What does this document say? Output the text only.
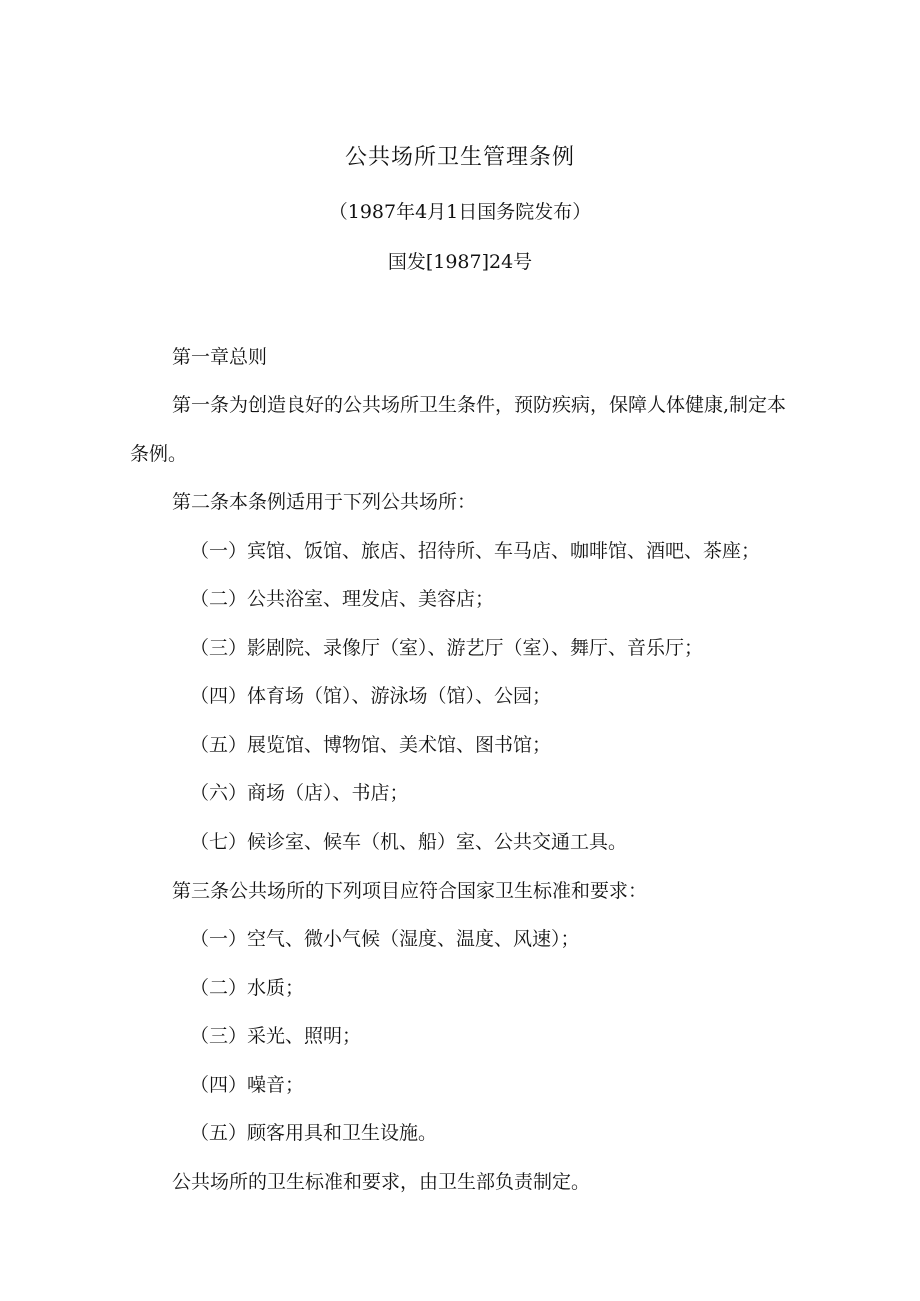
公共场所卫生管理条例
（1987年4月1日国务院发布）
国发[1987]24号
第一章总则
第一条为创造良好的公共场所卫生条件，预防疾病，保障人体健康,制定本
条例。
第二条本条例适用于下列公共场所：
（一）宾馆、饭馆、旅店、招待所、车马店、咖啡馆、酒吧、茶座；
（二）公共浴室、理发店、美容店；
（三）影剧院、录像厅（室）、游艺厅（室）、舞厅、音乐厅；
（四）体育场（馆）、游泳场（馆）、公园；
（五）展览馆、博物馆、美术馆、图书馆；
（六）商场（店）、书店；
（七）候诊室、候车（机、船）室、公共交通工具。
第三条公共场所的下列项目应符合国家卫生标准和要求：
（一）空气、微小气候（湿度、温度、风速）；
（二）水质；
（三）采光、照明；
（四）噪音；
（五）顾客用具和卫生设施。
公共场所的卫生标准和要求，由卫生部负责制定。
